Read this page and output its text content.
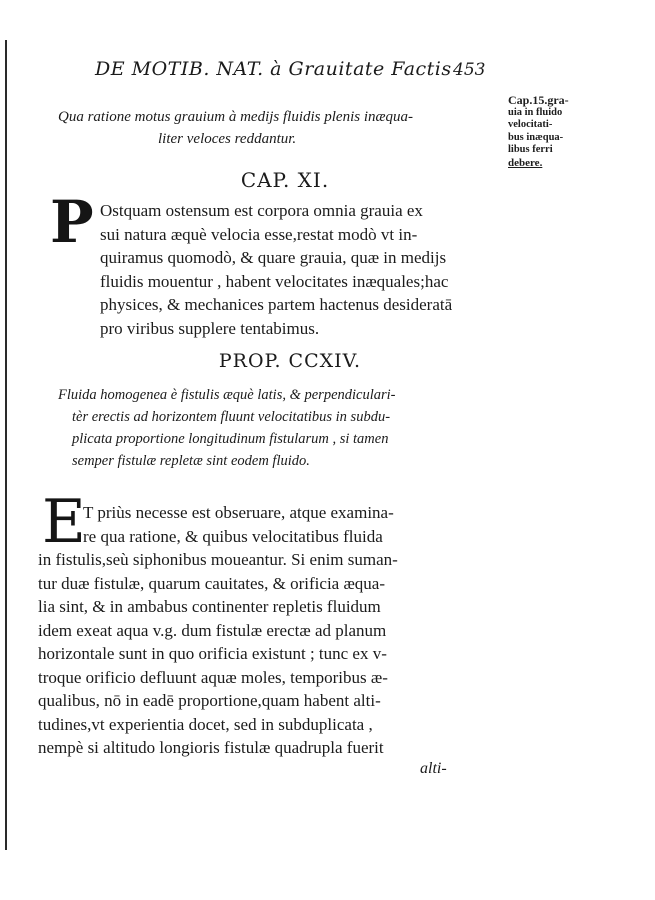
DE MOTIB. NAT. à Grauitate Factis 453
Cap.15.gra-
uia in fluido
velocitati-
bus inæqua-
libus ferri
debere.
Qua ratione motus grauium à medijs fluidis plenis inæqua-
liter veloces reddantur.
CAP. XI.
P Ostquam ostensum est corpora omnia grauia ex
sui natura æquè velocia esse,restat modò vt in-
quiramus quomodò, & quare grauia, quæ in medijs
fluidis mouentur , habent velocitates inæquales;hac
physices, & mechanices partem hactenus desideratā
pro viribus supplere tentabimus.
PROP. CCXIV.
Fluida homogenea è fistulis æquè latis, & perpendiculari-
tèr erectis ad horizontem fluunt velocitatibus in subdu-
plicata proportione longitudinum fistularum , si tamen
semper fistulæ repletæ sint eodem fluido.
E
T priùs necesse est obseruare, atque examina-
re qua ratione, & quibus velocitatibus fluida
in fistulis,seù siphonibus moueantur. Si enim suman-
tur duæ fistulæ, quarum cauitates, & orificia æqua-
lia sint, & in ambabus continenter repletis fluidum
idem exeat aqua v.g. dum fistulæ erectæ ad planum
horizontale sunt in quo orificia existunt ; tunc ex v-
troque orificio defluunt aquæ moles, temporibus æ-
qualibus, nō in eadē proportione,quam habent alti-
tudines,vt experientia docet, sed in subduplicata ,
nempè si altitudo longioris fistulæ quadrupla fuerit
alti-
